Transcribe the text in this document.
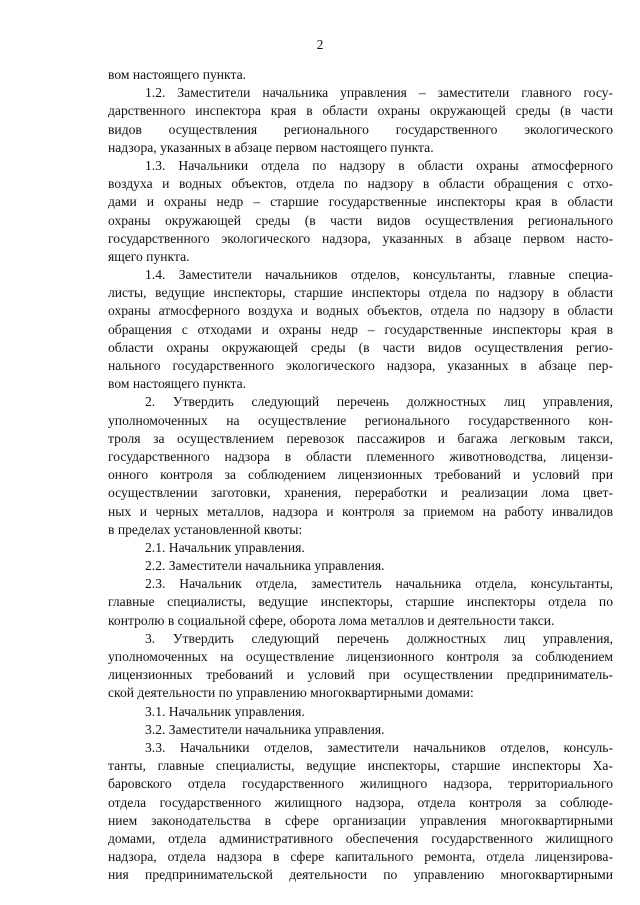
2
вом настоящего пункта.
1.2. Заместители начальника управления – заместители главного госу-
дарственного инспектора края в области охраны окружающей среды (в части
видов осуществления регионального государственного экологического
надзора, указанных в абзаце первом настоящего пункта.
1.3. Начальники отдела по надзору в области охраны атмосферного
воздуха и водных объектов, отдела по надзору в области обращения с отхо-
дами и охраны недр – старшие государственные инспекторы края в области
охраны окружающей среды (в части видов осуществления регионального
государственного экологического надзора, указанных в абзаце первом насто-
ящего пункта.
1.4. Заместители начальников отделов, консультанты, главные специа-
листы, ведущие инспекторы, старшие инспекторы отдела по надзору в области
охраны атмосферного воздуха и водных объектов, отдела по надзору в области
обращения с отходами и охраны недр – государственные инспекторы края в
области охраны окружающей среды (в части видов осуществления регио-
нального государственного экологического надзора, указанных в абзаце пер-
вом настоящего пункта.
2. Утвердить следующий перечень должностных лиц управления,
уполномоченных на осуществление регионального государственного кон-
троля за осуществлением перевозок пассажиров и багажа легковым такси,
государственного надзора в области племенного животноводства, лицензи-
онного контроля за соблюдением лицензионных требований и условий при
осуществлении заготовки, хранения, переработки и реализации лома цвет-
ных и черных металлов, надзора и контроля за приемом на работу инвалидов
в пределах установленной квоты:
2.1. Начальник управления.
2.2. Заместители начальника управления.
2.3. Начальник отдела, заместитель начальника отдела, консультанты,
главные специалисты, ведущие инспекторы, старшие инспекторы отдела по
контролю в социальной сфере, оборота лома металлов и деятельности такси.
3. Утвердить следующий перечень должностных лиц управления,
уполномоченных на осуществление лицензионного контроля за соблюдением
лицензионных требований и условий при осуществлении предприниматель-
ской деятельности по управлению многоквартирными домами:
3.1. Начальник управления.
3.2. Заместители начальника управления.
3.3. Начальники отделов, заместители начальников отделов, консуль-
танты, главные специалисты, ведущие инспекторы, старшие инспекторы Ха-
баровского отдела государственного жилищного надзора, территориального
отдела государственного жилищного надзора, отдела контроля за соблюде-
нием законодательства в сфере организации управления многоквартирными
домами, отдела административного обеспечения государственного жилищного
надзора, отдела надзора в сфере капитального ремонта, отдела лицензирова-
ния предпринимательской деятельности по управлению многоквартирными
